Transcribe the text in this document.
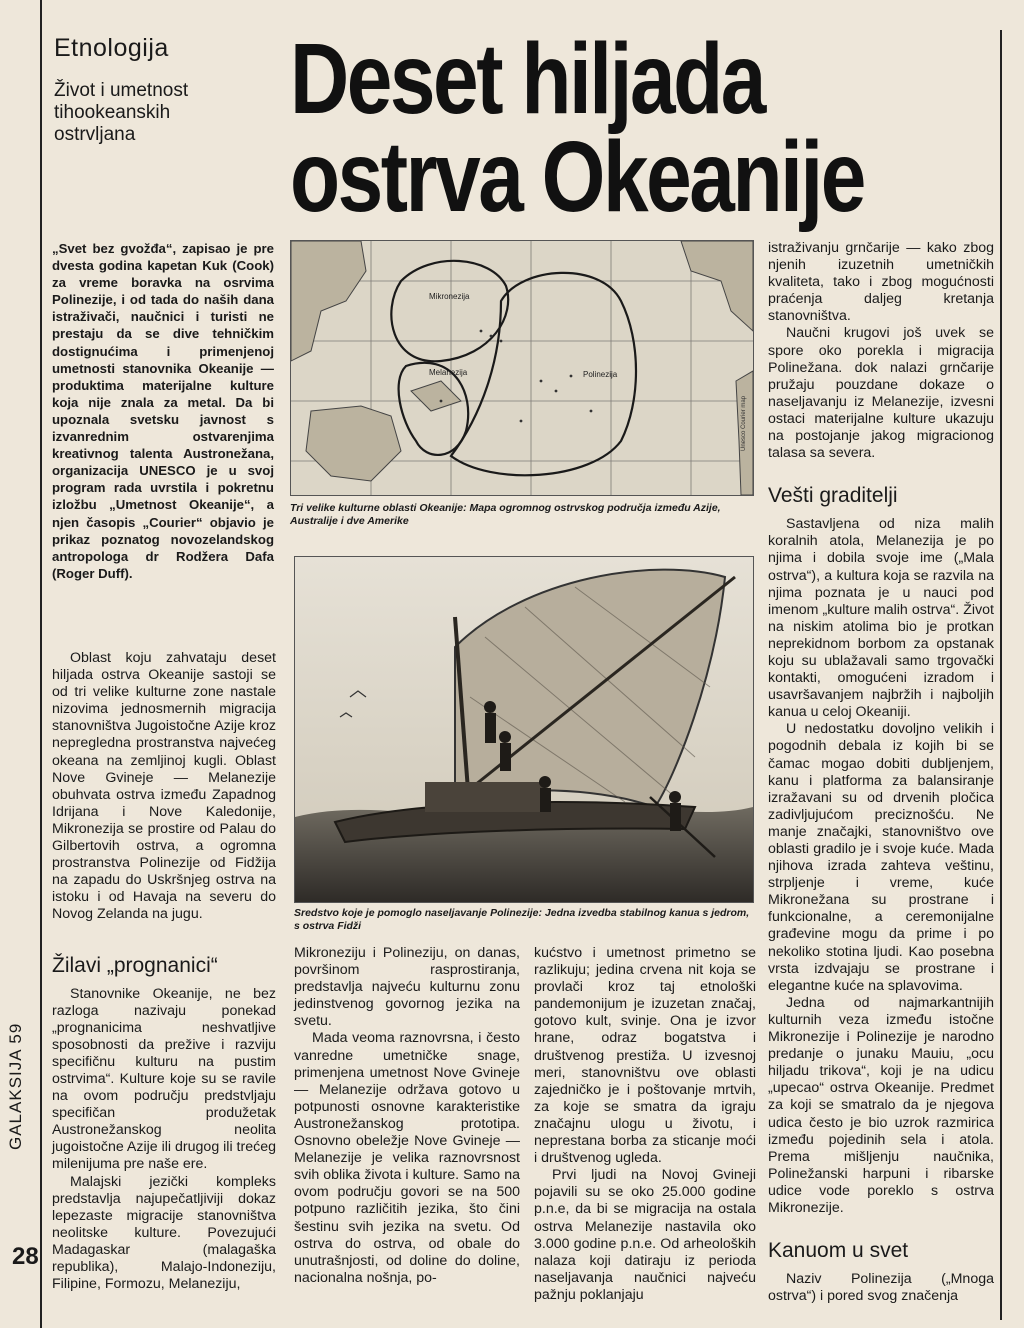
Etnologija
Život i umetnost tihookeanskih ostrvljana	Deset hiljada
ostrva Okeanije
GALAKSIJA 59
28
„Svet bez gvožđa“, zapisao je pre dvesta godina kapetan Kuk (Cook) za vreme boravka na osrvima Polinezije, i od tada do naših dana istraživači, naučnici i turisti ne prestaju da se dive tehničkim dostignućima i primenjenoj umetnosti stanovnika Okeanije — produktima materijalne kulture koja nije znala za metal. Da bi upoznala svetsku javnost s izvanrednim ostvarenjima kreativnog talenta Austronežana, organizacija UNESCO je u svoj program rada uvrstila i pokretnu izložbu „Umetnost Okeanije“, a njen časopis „Courier“ objavio je prikaz poznatog novozelandskog antropologa dr Rodžera Dafa (Roger Duff).

Oblast koju zahvataju deset hiljada ostrva Okeanije sastoji se od tri velike kulturne zone nastale nizovima jednosmernih migracija stanovništva Jugoistočne Azije kroz nepregledna prostranstva najvećeg okeana na zemljinoj kugli. Oblast Nove Gvineje — Melanezije obuhvata ostrva između Zapadnog Idrijana i Nove Kaledonije, Mikronezija se prostire od Palau do Gilbertovih ostrva, a ogromna prostranstva Polinezije od Fidžija na zapadu do Uskršnjeg ostrva na istoku i od Havaja na severu do Novog Zelanda na jugu.

Žilavi „prognanici“

Stanovnike Okeanije, ne bez razloga nazivaju ponekad „prognanicima neshvatljive sposobnosti da prežive i razviju specifičnu kulturu na pustim ostrvima“. Kulture koje su se ravile na ovom području predstvljaju specifičan produžetak Austronežanskog neolita jugoistočne Azije ili drugog ili trećeg milenijuma pre naše ere.

Malajski jezički kompleks predstavlja najupečatljiviji dokaz lepezaste migracije stanovništva neolitske kulture. Povezujući Madagaskar (malagaška republika), Malajo-Indoneziju, Filipine, Formozu, Melaneziju,

Mikronezija
Melanezija	Polinezija
Unesco Courier map
Tri velike kulturne oblasti Okeanije: Mapa ogromnog ostrvskog područja između Azije, Australije i dve Amerike
Sredstvo koje je pomoglo naseljavanje Polinezije: Jedna izvedba stabilnog kanua s jedrom, s ostrva Fidži

Mikroneziju i Polineziju, on danas, površinom rasprostiranja, predstavlja najveću kulturnu zonu jedinstvenog govornog jezika na svetu.

Mada veoma raznovrsna, i često vanredne umetničke snage, primenjena umetnost Nove Gvineje — Melanezije održava gotovo u potpunosti osnovne karakteristike Austronežanskog prototipa. Osnovno obeležje Nove Gvineje — Melanezije je velika raznovrsnost svih oblika života i kulture. Samo na ovom području govori se na 500 potpuno različitih jezika, što čini šestinu svih jezika na svetu. Od ostrva do ostrva, od obale do unutrašnjosti, od doline do doline, nacionalna nošnja, po-

kućstvo i umetnost primetno se razlikuju; jedina crvena nit koja se provlači kroz taj etnološki pandemonijum je izuzetan značaj, gotovo kult, svinje. Ona je izvor hrane, odraz bogatstva i društvenog prestiža. U izvesnoj meri, stanovništvu ove oblasti zajedničko je i poštovanje mrtvih, za koje se smatra da igraju značajnu ulogu u životu, i neprestana borba za sticanje moći i društvenog ugleda.

Prvi ljudi na Novoj Gvineji pojavili su se oko 25.000 godine p.n.e, da bi se migracija na ostala ostrva Melanezije nastavila oko 3.000 godine p.n.e. Od arheoloških nalaza koji datiraju iz perioda naseljavanja naučnici najveću pažnju poklanjaju

istraživanju grnčarije — kako zbog njenih izuzetnih umetničkih kvaliteta, tako i zbog mogućnosti praćenja daljeg kretanja stanovništva.

Naučni krugovi još uvek se spore oko porekla i migracija Polinežana. dok nalazi grnčarije pružaju pouzdane dokaze o naseljavanju iz Melanezije, izvesni ostaci materijalne kulture ukazuju na postojanje jakog migracionog talasa sa severa.

Vešti graditelji

Sastavljena od niza malih koralnih atola, Melanezija je po njima i dobila svoje ime („Mala ostrva“), a kultura koja se razvila na njima poznata je u nauci pod imenom „kulture malih ostrva“. Život na niskim atolima bio je protkan neprekidnom borbom za opstanak koju su ublažavali samo trgovački kontakti, omogućeni izradom i usavršavanjem najbržih i najboljih kanua u celoj Okeaniji.

U nedostatku dovoljno velikih i pogodnih debala iz kojih bi se čamac mogao dobiti dubljenjem, kanu i platforma za balansiranje izražavani su od drvenih pločica zadivljujućom preciznošću. Ne manje značajki, stanovništvo ove oblasti gradilo je i svoje kuće. Mada njihova izrada zahteva veštinu, strpljenje i vreme, kuće Mikronežana su prostrane i funkcionalne, a ceremonijalne građevine mogu da prime i po nekoliko stotina ljudi. Kao posebna vrsta izdvajaju se prostrane i elegantne kuće na splavovima.

Jedna od najmarkantnijih kulturnih veza između istočne Mikronezije i Polinezije je narodno predanje o junaku Mauiu, „ocu hiljadu trikova“, koji je na udicu „upecao“ ostrva Okeanije. Predmet za koji se smatralo da je njegova udica često je bio uzrok razmirica između pojedinih sela i atola. Prema mišljenju naučnika, Polinežanski harpuni i ribarske udice vode poreklo s ostrva Mikronezije.

Kanuom u svet

Naziv Polinezija („Mnoga ostrva“) i pored svog značenja
